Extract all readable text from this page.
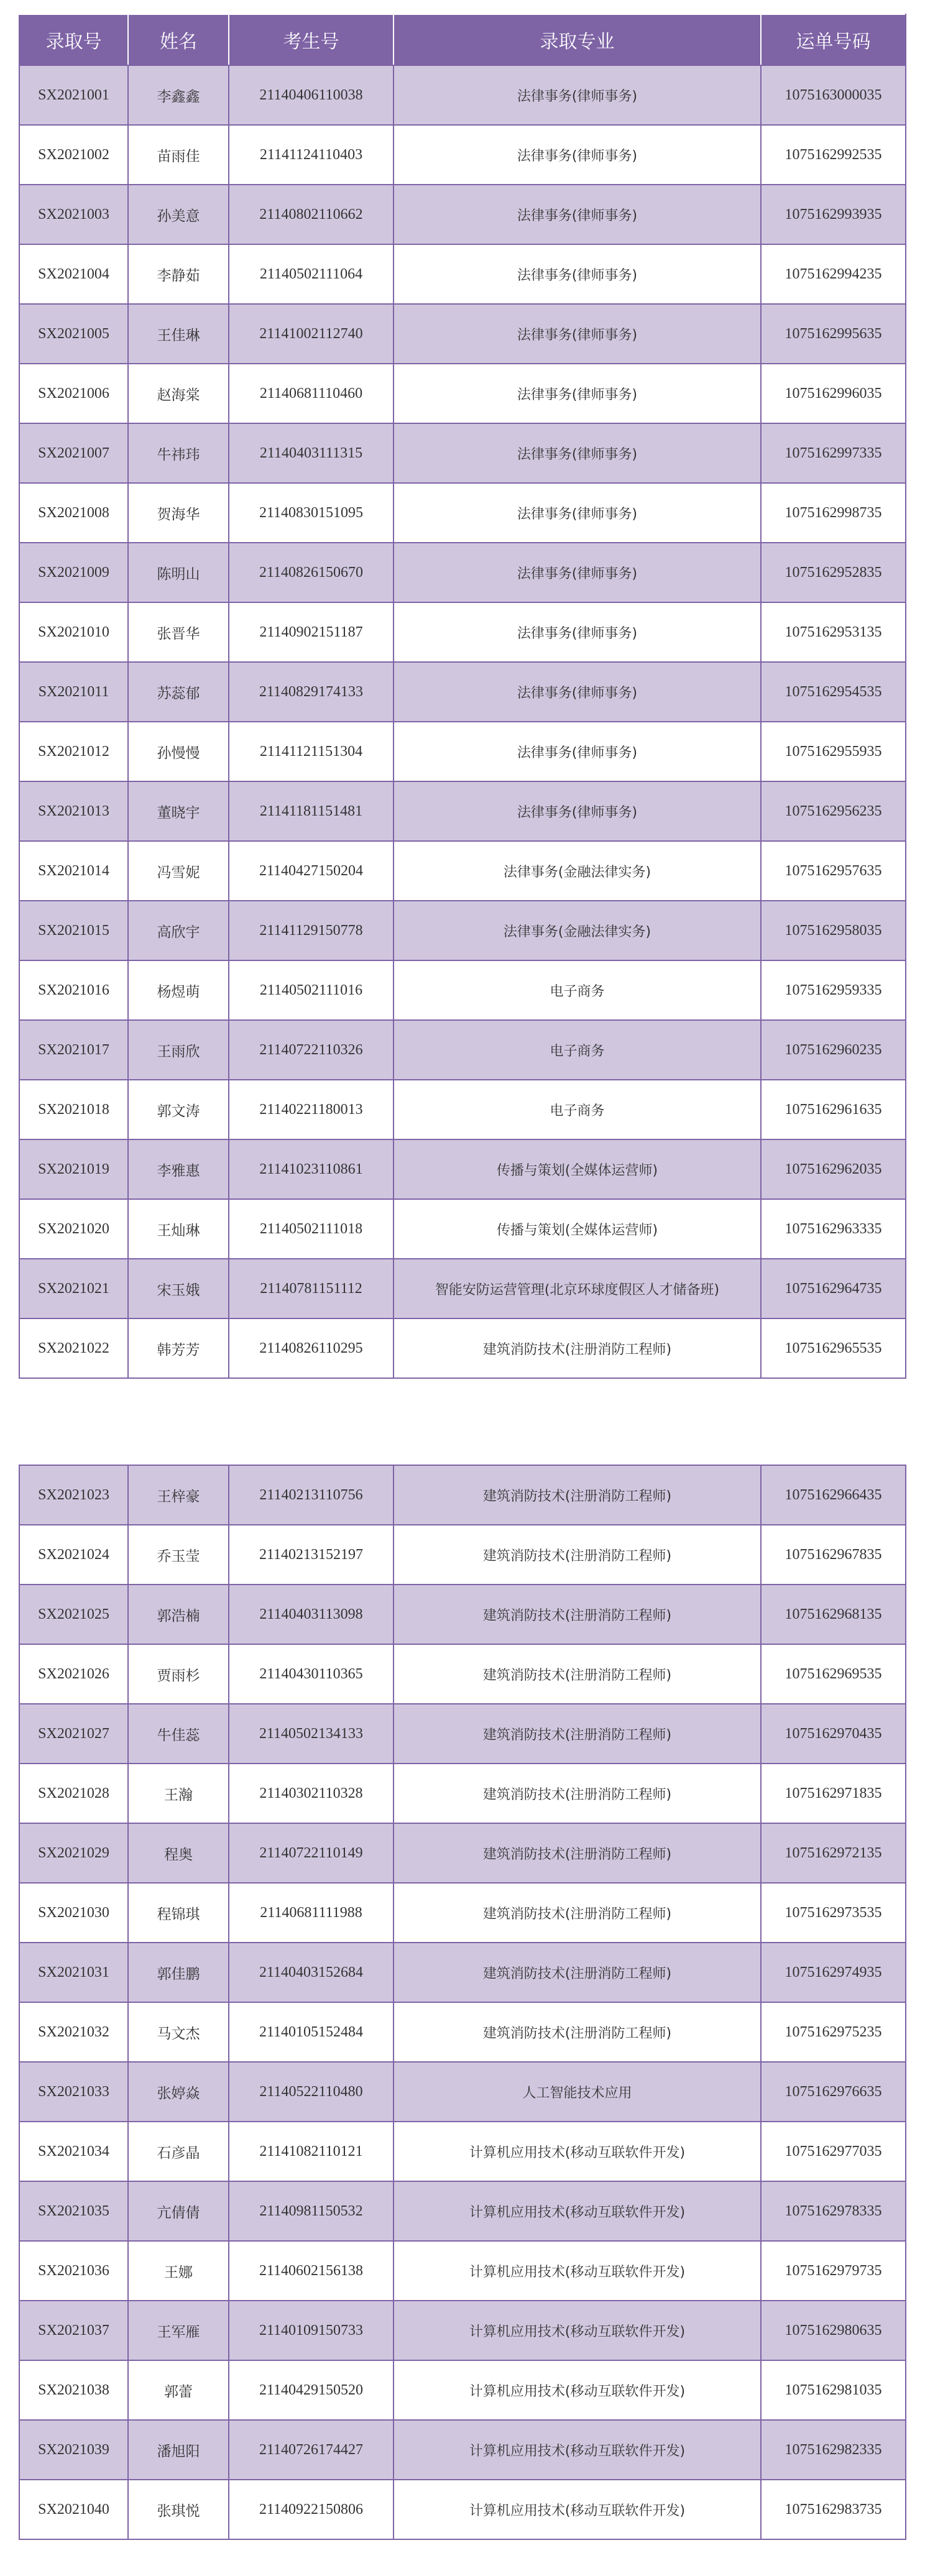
录取号	姓名	考生号	录取专业	运单号码
SX2021001	李鑫鑫	21140406110038	法律事务(律师事务)	1075163000035
SX2021002	苗雨佳	21141124110403	法律事务(律师事务)	1075162992535
SX2021003	孙美意	21140802110662	法律事务(律师事务)	1075162993935
SX2021004	李静茹	21140502111064	法律事务(律师事务)	1075162994235
SX2021005	王佳琳	21141002112740	法律事务(律师事务)	1075162995635
SX2021006	赵海棠	21140681110460	法律事务(律师事务)	1075162996035
SX2021007	牛祎玮	21140403111315	法律事务(律师事务)	1075162997335
SX2021008	贺海华	21140830151095	法律事务(律师事务)	1075162998735
SX2021009	陈明山	21140826150670	法律事务(律师事务)	1075162952835
SX2021010	张晋华	21140902151187	法律事务(律师事务)	1075162953135
SX2021011	苏蕊郁	21140829174133	法律事务(律师事务)	1075162954535
SX2021012	孙慢慢	21141121151304	法律事务(律师事务)	1075162955935
SX2021013	董晓宇	21141181151481	法律事务(律师事务)	1075162956235
SX2021014	冯雪妮	21140427150204	法律事务(金融法律实务)	1075162957635
SX2021015	高欣宇	21141129150778	法律事务(金融法律实务)	1075162958035
SX2021016	杨煜萌	21140502111016	电子商务	1075162959335
SX2021017	王雨欣	21140722110326	电子商务	1075162960235
SX2021018	郭文涛	21140221180013	电子商务	1075162961635
SX2021019	李雅惠	21141023110861	传播与策划(全媒体运营师)	1075162962035
SX2021020	王灿琳	21140502111018	传播与策划(全媒体运营师)	1075162963335
SX2021021	宋玉娥	21140781151112	智能安防运营管理(北京环球度假区人才储备班)	1075162964735
SX2021022	韩芳芳	21140826110295	建筑消防技术(注册消防工程师)	1075162965535
SX2021023	王梓豪	21140213110756	建筑消防技术(注册消防工程师)	1075162966435
SX2021024	乔玉莹	21140213152197	建筑消防技术(注册消防工程师)	1075162967835
SX2021025	郭浩楠	21140403113098	建筑消防技术(注册消防工程师)	1075162968135
SX2021026	贾雨杉	21140430110365	建筑消防技术(注册消防工程师)	1075162969535
SX2021027	牛佳蕊	21140502134133	建筑消防技术(注册消防工程师)	1075162970435
SX2021028	王瀚	21140302110328	建筑消防技术(注册消防工程师)	1075162971835
SX2021029	程奥	21140722110149	建筑消防技术(注册消防工程师)	1075162972135
SX2021030	程锦琪	21140681111988	建筑消防技术(注册消防工程师)	1075162973535
SX2021031	郭佳鹏	21140403152684	建筑消防技术(注册消防工程师)	1075162974935
SX2021032	马文杰	21140105152484	建筑消防技术(注册消防工程师)	1075162975235
SX2021033	张婷焱	21140522110480	人工智能技术应用	1075162976635
SX2021034	石彦晶	21141082110121	计算机应用技术(移动互联软件开发)	1075162977035
SX2021035	亢倩倩	21140981150532	计算机应用技术(移动互联软件开发)	1075162978335
SX2021036	王娜	21140602156138	计算机应用技术(移动互联软件开发)	1075162979735
SX2021037	王军雁	21140109150733	计算机应用技术(移动互联软件开发)	1075162980635
SX2021038	郭蕾	21140429150520	计算机应用技术(移动互联软件开发)	1075162981035
SX2021039	潘旭阳	21140726174427	计算机应用技术(移动互联软件开发)	1075162982335
SX2021040	张琪悦	21140922150806	计算机应用技术(移动互联软件开发)	1075162983735
